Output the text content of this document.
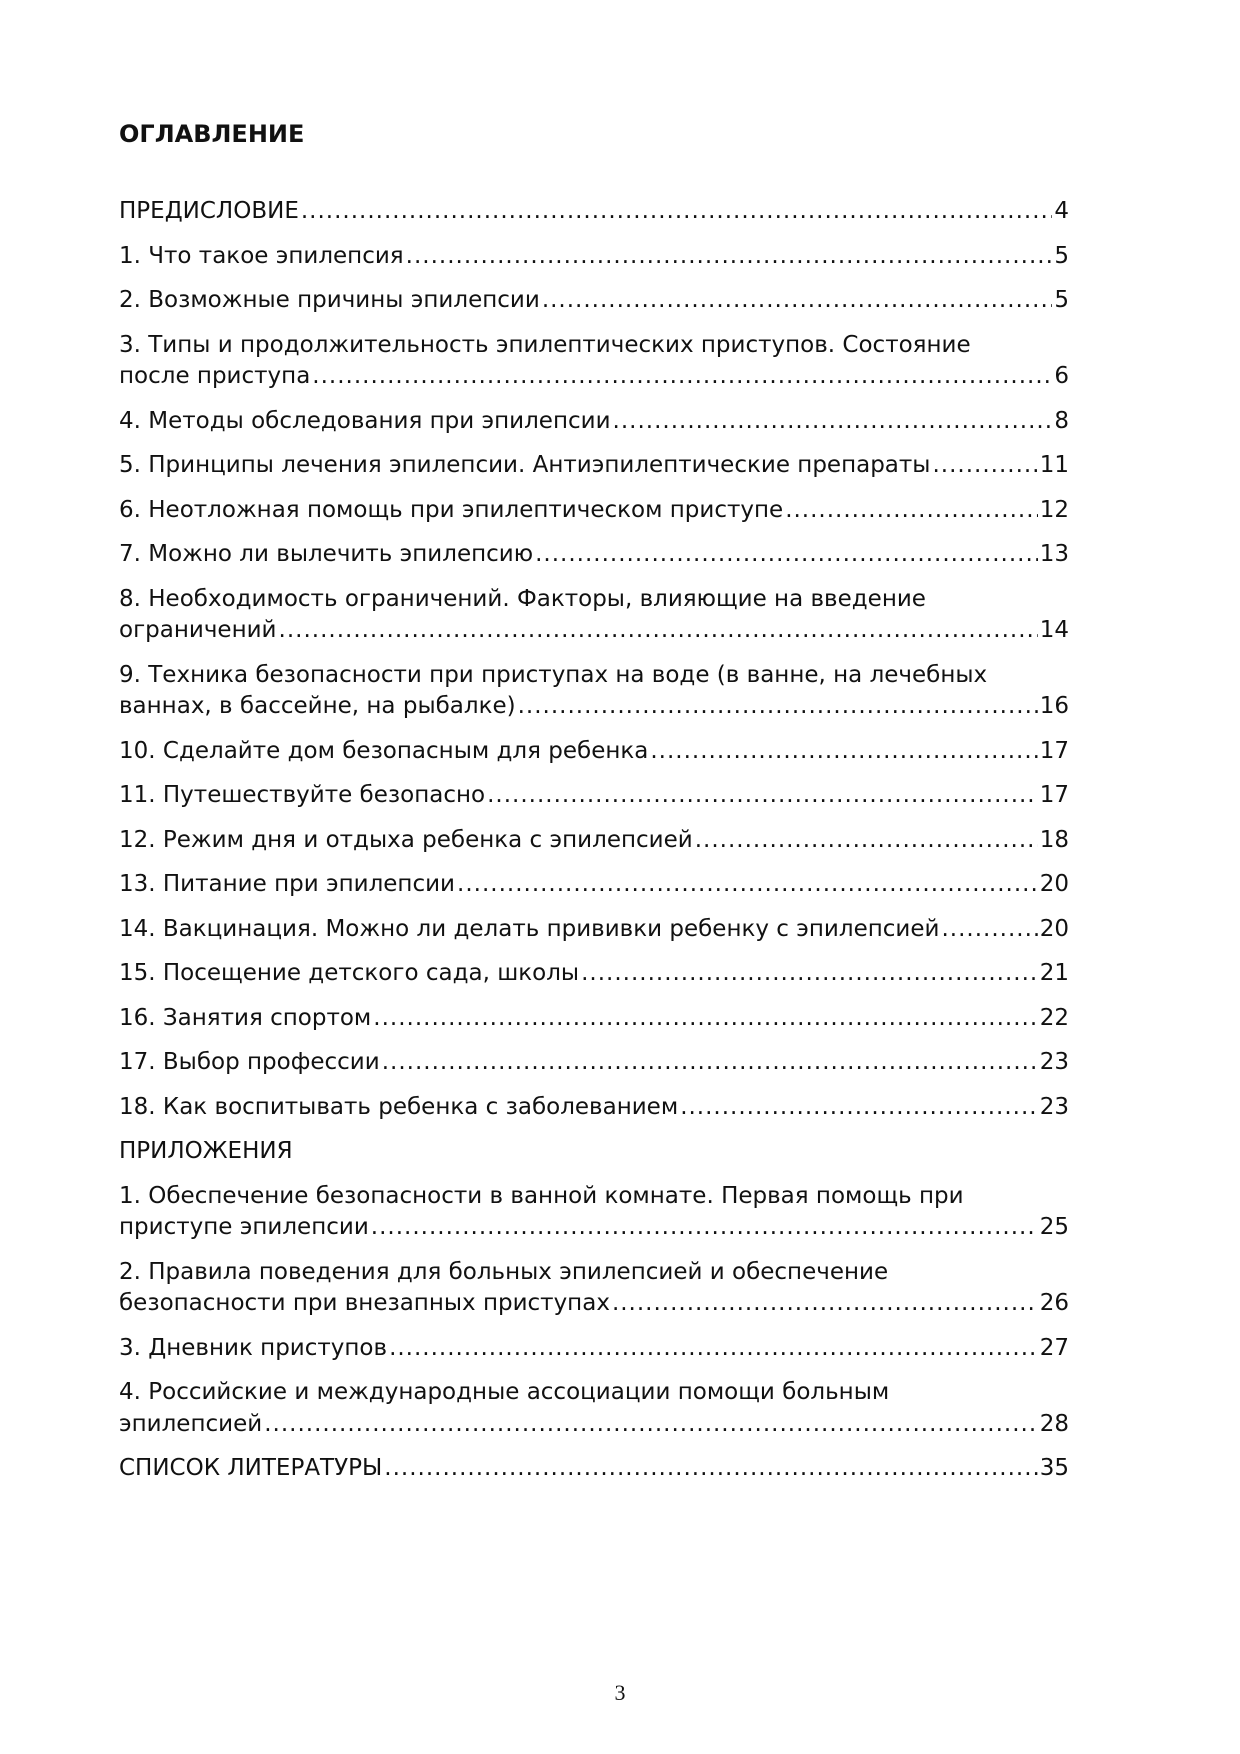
ОГЛАВЛЕНИЕ
ПРЕДИСЛОВИЕ .....	4
1. Что такое эпилепсия .....	5
2. Возможные причины эпилепсии .....	5
3. Типы и продолжительность эпилептических приступов. Состояние
после приступа .....	6
4. Методы обследования при эпилепсии .....	8
5. Принципы лечения эпилепсии. Антиэпилептические препараты .....	11
6. Неотложная помощь при эпилептическом приступе .....	12
7. Можно ли вылечить эпилепсию .....	13
8. Необходимость ограничений. Факторы, влияющие на введение
ограничений .....	14
9. Техника безопасности при приступах на воде (в ванне, на лечебных
ваннах, в бассейне, на рыбалке) .....	16
10. Сделайте дом безопасным для ребенка .....	17
11. Путешествуйте безопасно .....	17
12. Режим дня и отдыха ребенка с эпилепсией .....	18
13. Питание при эпилепсии .....	20
14. Вакцинация. Можно ли делать прививки ребенку с эпилепсией .....	20
15. Посещение детского сада, школы .....	21
16. Занятия спортом .....	22
17. Выбор профессии .....	23
18. Как воспитывать ребенка с заболеванием .....	23
ПРИЛОЖЕНИЯ
1. Обеспечение безопасности в ванной комнате. Первая помощь при
приступе эпилепсии .....	25
2. Правила поведения для больных эпилепсией и обеспечение
безопасности при внезапных приступах .....	26
3. Дневник приступов .....	27
4. Российские и международные ассоциации помощи больным
эпилепсией .....	28
СПИСОК ЛИТЕРАТУРЫ .....	35
3
